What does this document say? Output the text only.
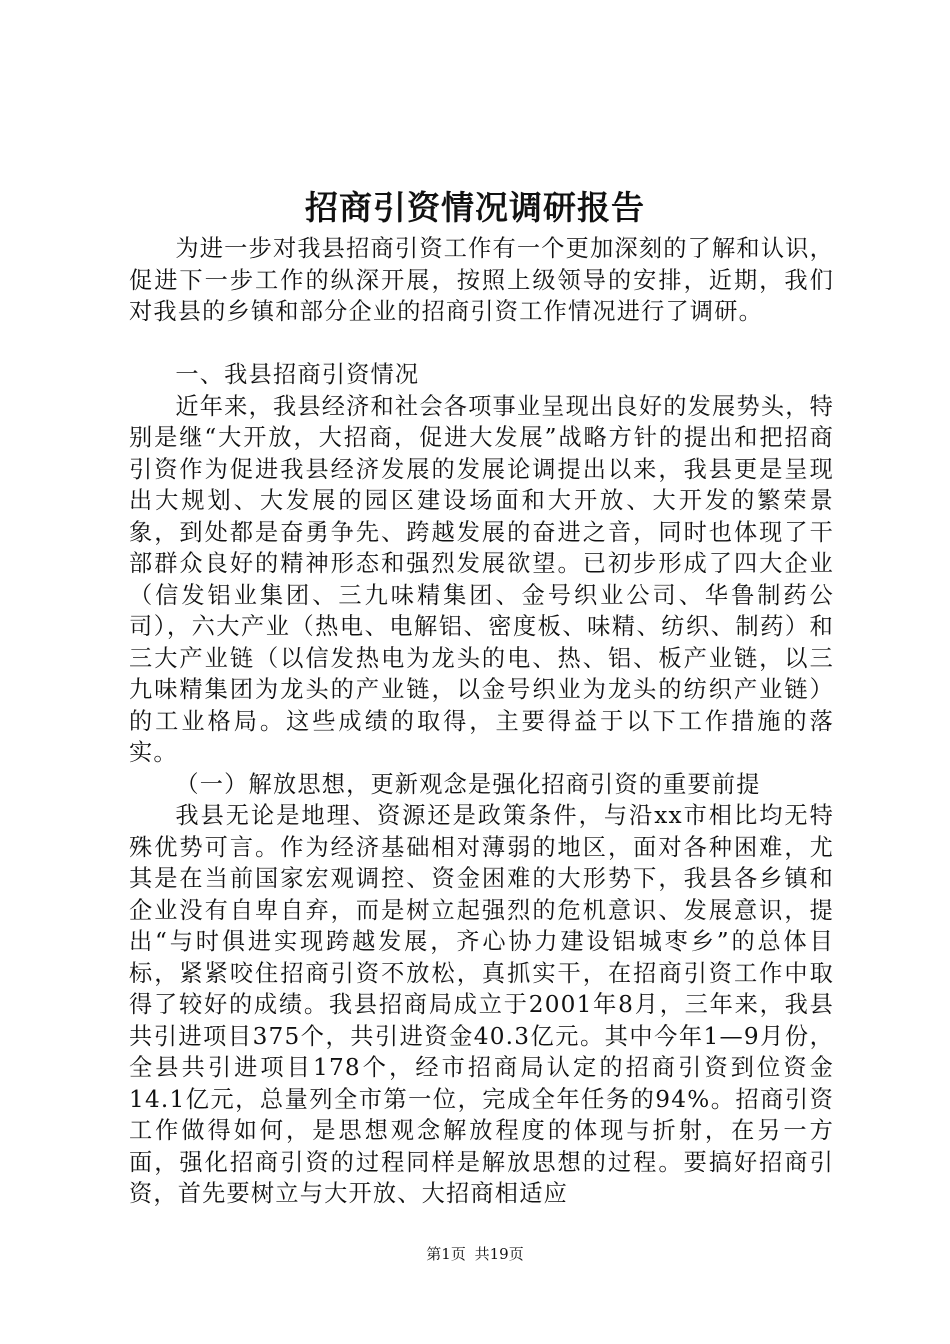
招商引资情况调研报告

为进一步对我县招商引资工作有一个更加深刻的了解和认识，促进下一步工作的纵深开展，按照上级领导的安排，近期，我们对我县的乡镇和部分企业的招商引资工作情况进行了调研。

一、我县招商引资情况

近年来，我县经济和社会各项事业呈现出良好的发展势头，特别是继“大开放，大招商，促进大发展”战略方针的提出和把招商引资作为促进我县经济发展的发展论调提出以来，我县更是呈现出大规划、大发展的园区建设场面和大开放、大开发的繁荣景象，到处都是奋勇争先、跨越发展的奋进之音，同时也体现了干部群众良好的精神形态和强烈发展欲望。已初步形成了四大企业（信发铝业集团、三九味精集团、金号织业公司、华鲁制药公司），六大产业（热电、电解铝、密度板、味精、纺织、制药）和三大产业链（以信发热电为龙头的电、热、铝、板产业链，以三九味精集团为龙头的产业链，以金号织业为龙头的纺织产业链）的工业格局。这些成绩的取得，主要得益于以下工作措施的落实。

（一）解放思想，更新观念是强化招商引资的重要前提

我县无论是地理、资源还是政策条件，与沿xx市相比均无特殊优势可言。作为经济基础相对薄弱的地区，面对各种困难，尤其是在当前国家宏观调控、资金困难的大形势下，我县各乡镇和企业没有自卑自弃，而是树立起强烈的危机意识、发展意识，提出“与时俱进实现跨越发展，齐心协力建设铝城枣乡”的总体目标，紧紧咬住招商引资不放松，真抓实干，在招商引资工作中取得了较好的成绩。我县招商局成立于2001年8月，三年来，我县共引进项目375个，共引进资金40.3亿元。其中今年1—9月份，全县共引进项目178个，经市招商局认定的招商引资到位资金14.1亿元，总量列全市第一位，完成全年任务的94%。招商引资工作做得如何，是思想观念解放程度的体现与折射，在另一方面，强化招商引资的过程同样是解放思想的过程。要搞好招商引资，首先要树立与大开放、大招商相适应

第1页 共19页
